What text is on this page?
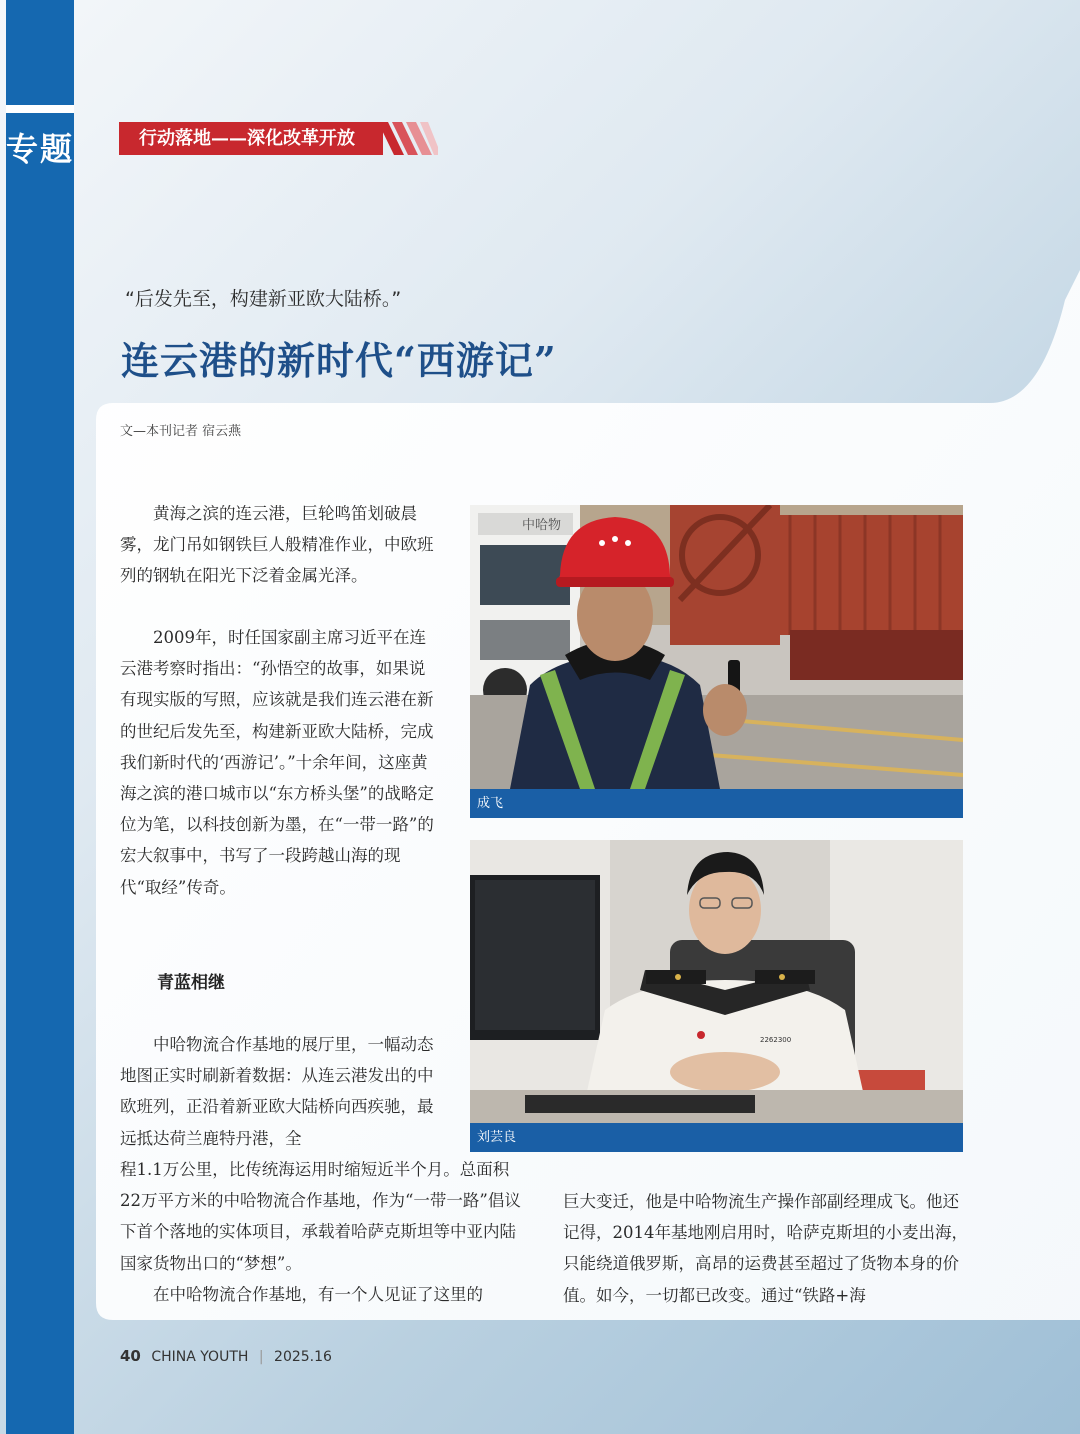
专题	行动落地——深化改革开放
“后发先至，构建新亚欧大陆桥。”
连云港的新时代“西游记”
文—本刊记者 宿云燕

黄海之滨的连云港，巨轮鸣笛划破晨雾，龙门吊如钢铁巨人般精准作业，中欧班列的钢轨在阳光下泛着金属光泽。

2009年，时任国家副主席习近平在连云港考察时指出：“孙悟空的故事，如果说有现实版的写照，应该就是我们连云港在新的世纪后发先至，构建新亚欧大陆桥，完成我们新时代的‘西游记’。”十余年间，这座黄海之滨的港口城市以“东方桥头堡”的战略定位为笔，以科技创新为墨，在“一带一路”的宏大叙事中，书写了一段跨越山海的现代“取经”传奇。

青蓝相继

中哈物流合作基地的展厅里，一幅动态地图正实时刷新着数据：从连云港发出的中欧班列，正沿着新亚欧大陆桥向西疾驰，最远抵达荷兰鹿特丹港，全

程1.1万公里，比传统海运用时缩短近半个月。总面积22万平方米的中哈物流合作基地，作为“一带一路”倡议下首个落地的实体项目，承载着哈萨克斯坦等中亚内陆国家货物出口的“梦想”。

在中哈物流合作基地，有一个人见证了这里的

巨大变迁，他是中哈物流生产操作部副经理成飞。他还记得，2014年基地刚启用时，哈萨克斯坦的小麦出海，只能绕道俄罗斯，高昂的运费甚至超过了货物本身的价值。如今，一切都已改变。通过“铁路+海

中哈物
成飞
2262300
刘芸良
40 CHINA YOUTH | 2025.16
